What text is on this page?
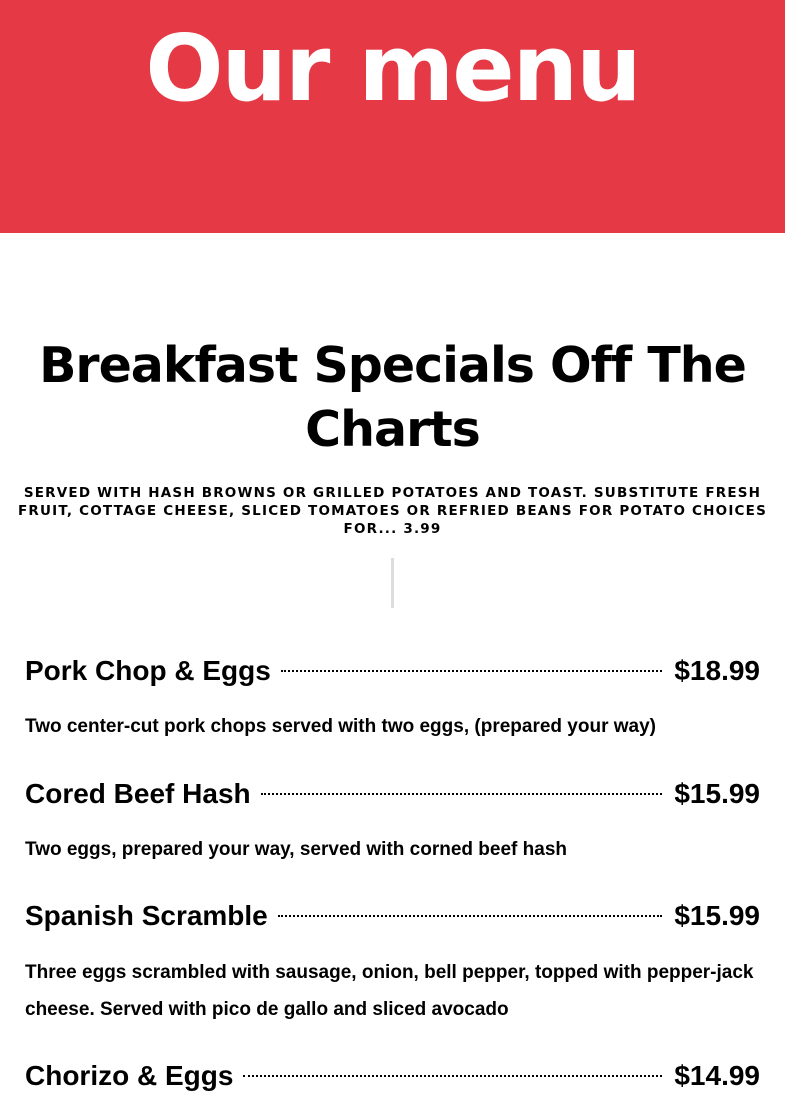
Our menu
Breakfast Specials Off The Charts

SERVED WITH HASH BROWNS OR GRILLED POTATOES AND TOAST. SUBSTITUTE FRESH FRUIT, COTTAGE CHEESE, SLICED TOMATOES OR REFRIED BEANS FOR POTATO CHOICES FOR... 3.99

Pork Chop & Eggs	$18.99

Two center-cut pork chops served with two eggs, (prepared your way)

Cored Beef Hash	$15.99

Two eggs, prepared your way, served with corned beef hash

Spanish Scramble	$15.99

Three eggs scrambled with sausage, onion, bell pepper, topped with pepper-jack cheese. Served with pico de gallo and sliced avocado

Chorizo & Eggs	$14.99
